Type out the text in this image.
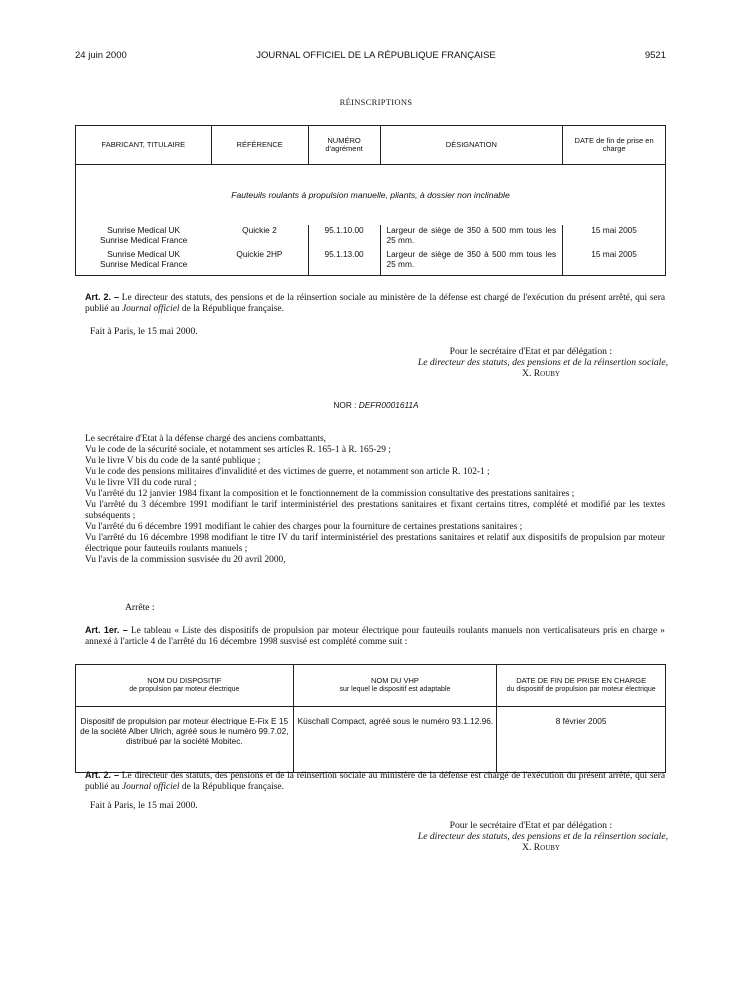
24 juin 2000	JOURNAL OFFICIEL DE LA RÉPUBLIQUE FRANÇAISE	9521
RÉINSCRIPTIONS
FABRICANT, TITULAIRE	RÉFÉRENCE	NUMÉRO d'agrément	DÉSIGNATION	DATE de fin de prise en charge
Fauteuils roulants à propulsion manuelle, pliants, à dossier non inclinable				

Sunrise Medical UK
Sunrise Medical France	Quickie 2	95.1.10.00	Largeur de siège de 350 à 500 mm tous les 25 mm.	15 mai 2005

Sunrise Medical UK
Sunrise Medical France	Quickie 2HP	95.1.13.00	Largeur de siège de 350 à 500 mm tous les 25 mm.	15 mai 2005
Art. 2. – Le directeur des statuts, des pensions et de la réinsertion sociale au ministère de la défense est chargé de l'exécution du présent arrêté, qui sera publié au Journal officiel de la République française.
Fait à Paris, le 15 mai 2000.
Pour le secrétaire d'Etat et par délégation :
Le directeur des statuts, des pensions et de la réinsertion sociale,
X. Rouby
NOR : DEFR0001611A
Le secrétaire d'Etat à la défense chargé des anciens combattants,
Vu le code de la sécurité sociale, et notamment ses articles R. 165-1 à R. 165-29 ;
Vu le livre V bis du code de la santé publique ;
Vu le code des pensions militaires d'invalidité et des victimes de guerre, et notamment son article R. 102-1 ;
Vu le livre VII du code rural ;
Vu l'arrêté du 12 janvier 1984 fixant la composition et le fonctionnement de la commission consultative des prestations sanitaires ;
Vu l'arrêté du 3 décembre 1991 modifiant le tarif interministériel des prestations sanitaires et fixant certains titres, complété et modifié par les textes subséquents ;
Vu l'arrêté du 6 décembre 1991 modifiant le cahier des charges pour la fourniture de certaines prestations sanitaires ;
Vu l'arrêté du 16 décembre 1998 modifiant le titre IV du tarif interministériel des prestations sanitaires et relatif aux dispositifs de propulsion par moteur électrique pour fauteuils roulants manuels ;
Vu l'avis de la commission susvisée du 20 avril 2000,
Arrête :
Art. 1er. – Le tableau « Liste des dispositifs de propulsion par moteur électrique pour fauteuils roulants manuels non verticalisateurs pris en charge » annexé à l'article 4 de l'arrêté du 16 décembre 1998 susvisé est complété comme suit :
NOM DU DISPOSITIF
de propulsion par moteur électrique	NOM DU VHP
sur lequel le dispositif est adaptable	DATE DE FIN DE PRISE EN CHARGE
du dispositif de propulsion par moteur électrique

Dispositif de propulsion par moteur électrique E-Fix E 15 de la société Alber Ulrich, agréé sous le numéro 99.7.02, distribué par la société Mobitec.	Küschall Compact, agréé sous le numéro 93.1.12.96.	8 février 2005
Art. 2. – Le directeur des statuts, des pensions et de la réinsertion sociale au ministère de la défense est chargé de l'exécution du présent arrêté, qui sera publié au Journal officiel de la République française.
Fait à Paris, le 15 mai 2000.
Pour le secrétaire d'Etat et par délégation :
Le directeur des statuts, des pensions et de la réinsertion sociale,
X. Rouby
